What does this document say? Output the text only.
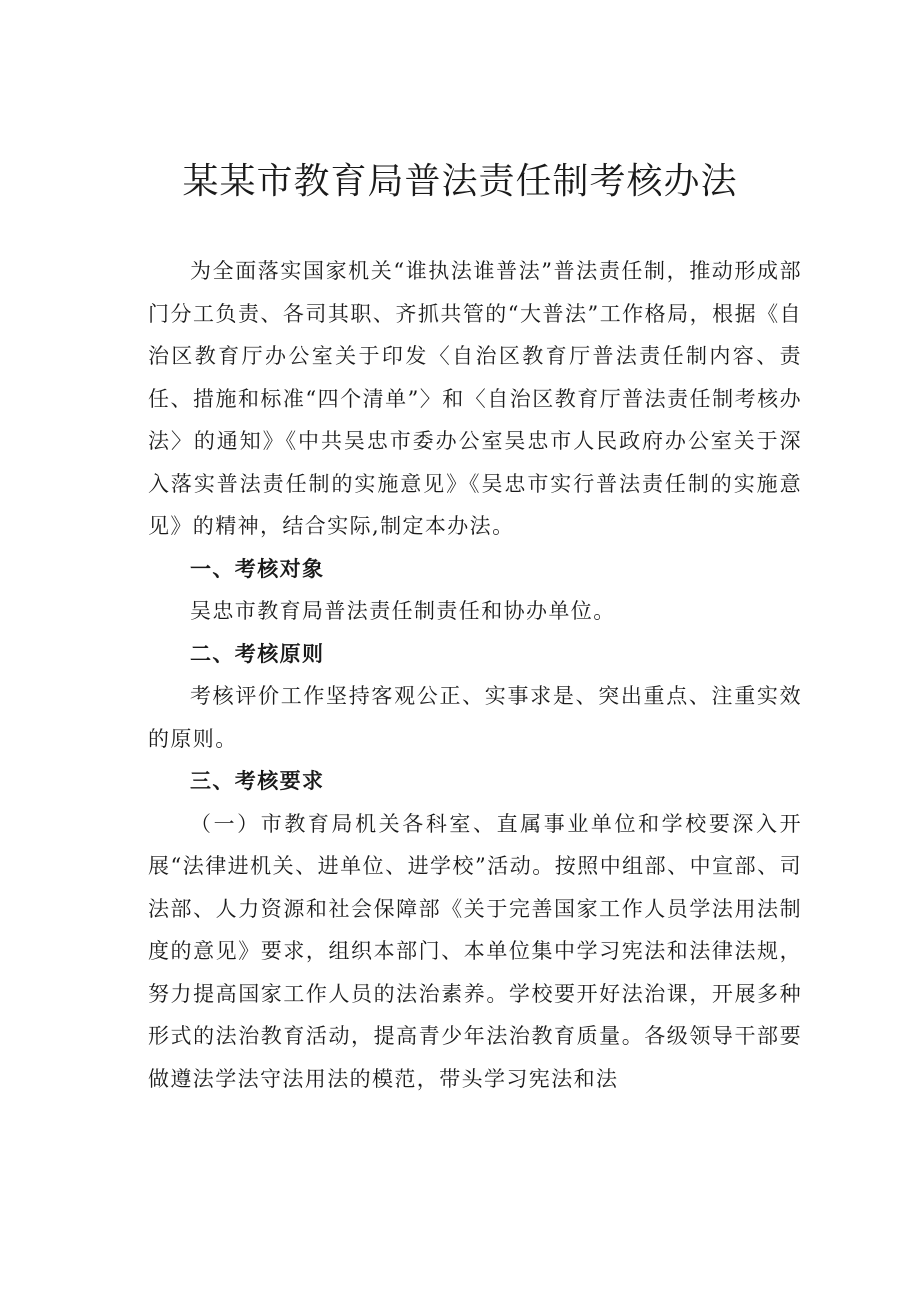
某某市教育局普法责任制考核办法

为全面落实国家机关“谁执法谁普法”普法责任制，推动形成部门分工负责、各司其职、齐抓共管的“大普法”工作格局，根据《自治区教育厅办公室关于印发〈自治区教育厅普法责任制内容、责任、措施和标准“四个清单”〉和〈自治区教育厅普法责任制考核办法〉的通知》《中共吴忠市委办公室吴忠市人民政府办公室关于深入落实普法责任制的实施意见》《吴忠市实行普法责任制的实施意见》的精神，结合实际,制定本办法。

一、考核对象

吴忠市教育局普法责任制责任和协办单位。

二、考核原则

考核评价工作坚持客观公正、实事求是、突出重点、注重实效的原则。

三、考核要求

（一）市教育局机关各科室、直属事业单位和学校要深入开展“法律进机关、进单位、进学校”活动。按照中组部、中宣部、司法部、人力资源和社会保障部《关于完善国家工作人员学法用法制度的意见》要求，组织本部门、本单位集中学习宪法和法律法规，努力提高国家工作人员的法治素养。学校要开好法治课，开展多种形式的法治教育活动，提高青少年法治教育质量。各级领导干部要做遵法学法守法用法的模范，带头学习宪法和法
